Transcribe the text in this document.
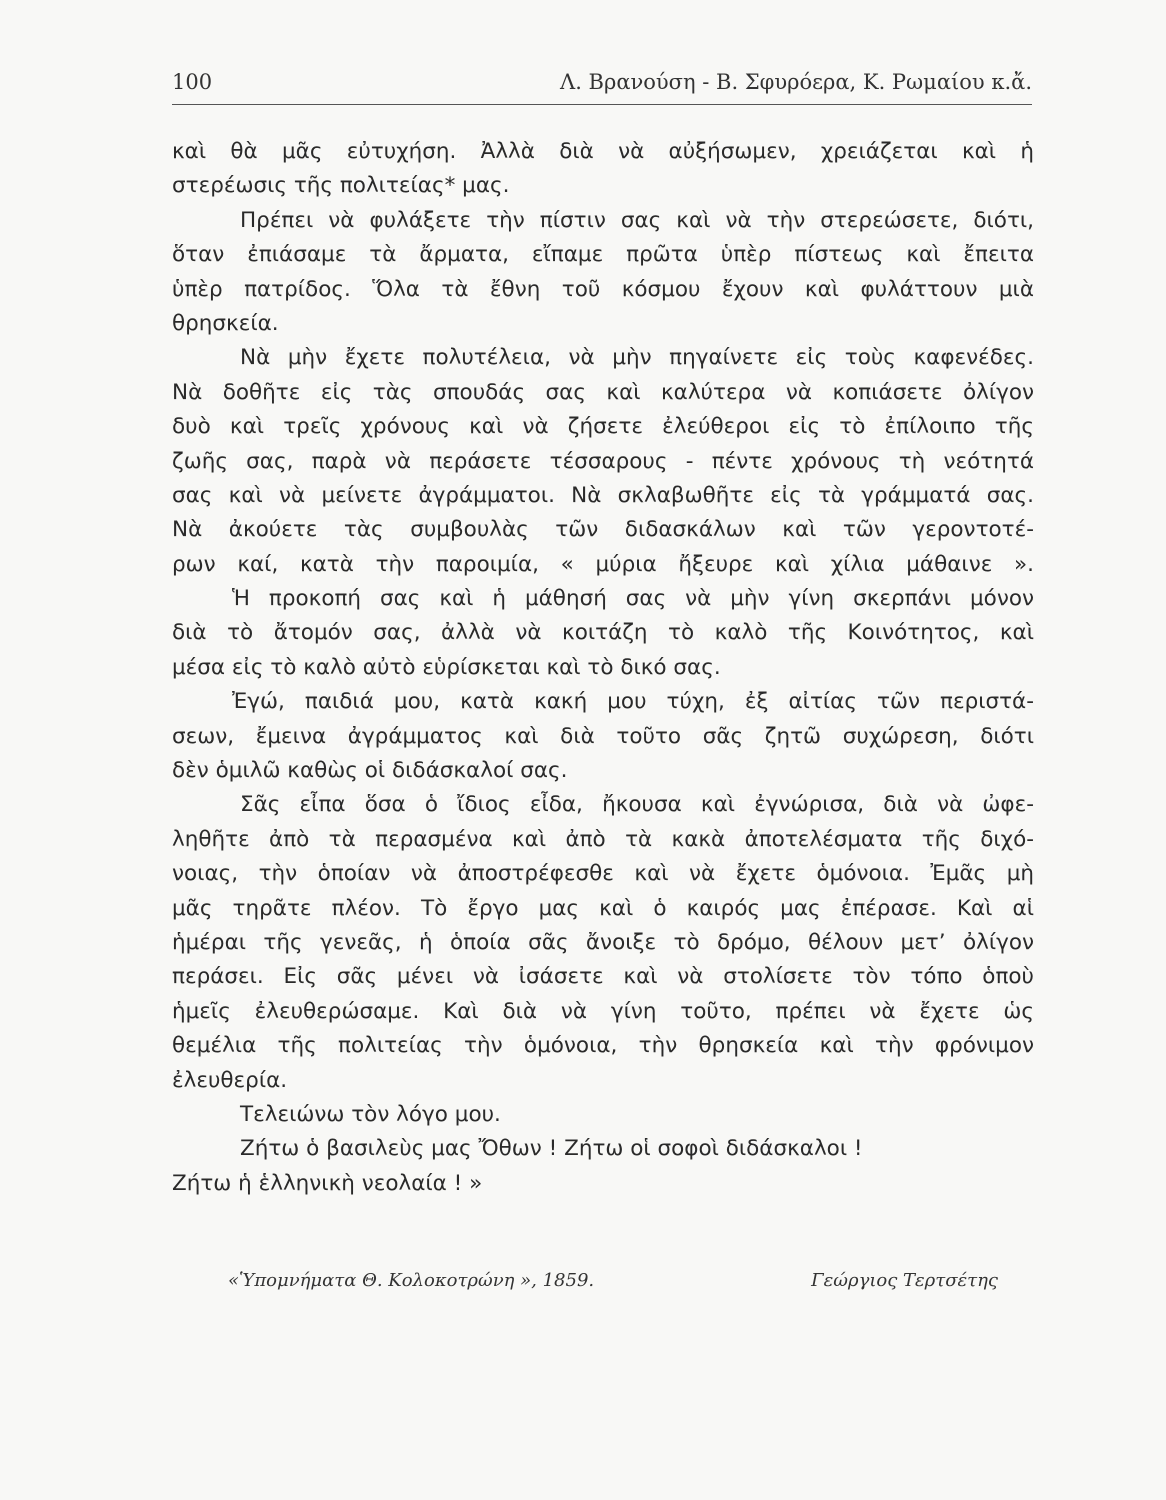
100	Λ. Βρανούση - Β. Σφυρόερα, Κ. Ρωμαίου κ.ἄ.
καὶ θὰ μᾶς εὐτυχήση. Ἀλλὰ διὰ νὰ αὐξήσωμεν, χρειάζεται καὶ ἡ
στερέωσις τῆς πολιτείας* μας.
Πρέπει νὰ φυλάξετε τὴν πίστιν σας καὶ νὰ τὴν στερεώσετε, διότι,
ὅταν ἐπιάσαμε τὰ ἄρματα, εἴπαμε πρῶτα ὑπὲρ πίστεως καὶ ἔπειτα
ὑπὲρ πατρίδος. Ὅλα τὰ ἔθνη τοῦ κόσμου ἔχουν καὶ φυλάττουν μιὰ
θρησκεία.
Νὰ μὴν ἔχετε πολυτέλεια, νὰ μὴν πηγαίνετε εἰς τοὺς καφενέδες.
Νὰ δοθῆτε εἰς τὰς σπουδάς σας καὶ καλύτερα νὰ κοπιάσετε ὀλίγον
δυὸ καὶ τρεῖς χρόνους καὶ νὰ ζήσετε ἐλεύθεροι εἰς τὸ ἐπίλοιπο τῆς
ζωῆς σας, παρὰ νὰ περάσετε τέσσαρους - πέντε χρόνους τὴ νεότητά
σας καὶ νὰ μείνετε ἀγράμματοι. Νὰ σκλαβωθῆτε εἰς τὰ γράμματά σας.
Νὰ ἀκούετε τὰς συμβουλὰς τῶν διδασκάλων καὶ τῶν γεροντοτέ-
ρων καί, κατὰ τὴν παροιμία, « μύρια ἤξευρε καὶ χίλια μάθαινε ».
Ἡ προκοπή σας καὶ ἡ μάθησή σας νὰ μὴν γίνη σκερπάνι μόνον
διὰ τὸ ἄτομόν σας, ἀλλὰ νὰ κοιτάζη τὸ καλὸ τῆς Κοινότητος, καὶ
μέσα εἰς τὸ καλὸ αὐτὸ εὑρίσκεται καὶ τὸ δικό σας.
Ἐγώ, παιδιά μου, κατὰ κακή μου τύχη, ἐξ αἰτίας τῶν περιστά-
σεων, ἔμεινα ἀγράμματος καὶ διὰ τοῦτο σᾶς ζητῶ συχώρεση, διότι
δὲν ὁμιλῶ καθὼς οἱ διδάσκαλοί σας.
Σᾶς εἶπα ὅσα ὁ ἴδιος εἶδα, ἤκουσα καὶ ἐγνώρισα, διὰ νὰ ὠφε-
ληθῆτε ἀπὸ τὰ περασμένα καὶ ἀπὸ τὰ κακὰ ἀποτελέσματα τῆς διχό-
νοιας, τὴν ὁποίαν νὰ ἀποστρέφεσθε καὶ νὰ ἔχετε ὁμόνοια. Ἐμᾶς μὴ
μᾶς τηρᾶτε πλέον. Τὸ ἔργο μας καὶ ὁ καιρός μας ἐπέρασε. Καὶ αἱ
ἡμέραι τῆς γενεᾶς, ἡ ὁποία σᾶς ἄνοιξε τὸ δρόμο, θέλουν μετ’ ὀλίγον
περάσει. Εἰς σᾶς μένει νὰ ἰσάσετε καὶ νὰ στολίσετε τὸν τόπο ὁποὺ
ἡμεῖς ἐλευθερώσαμε. Καὶ διὰ νὰ γίνη τοῦτο, πρέπει νὰ ἔχετε ὡς
θεμέλια τῆς πολιτείας τὴν ὁμόνοια, τὴν θρησκεία καὶ τὴν φρόνιμον
ἐλευθερία.
Τελειώνω τὸν λόγο μου.
Ζήτω ὁ βασιλεὺς μας Ὄθων ! Ζήτω οἱ σοφοὶ διδάσκαλοι !
Ζήτω ἡ ἑλληνικὴ νεολαία ! »
«Ὑπομνήματα Θ. Κολοκοτρώνη », 1859.	Γεώργιος Τερτσέτης
